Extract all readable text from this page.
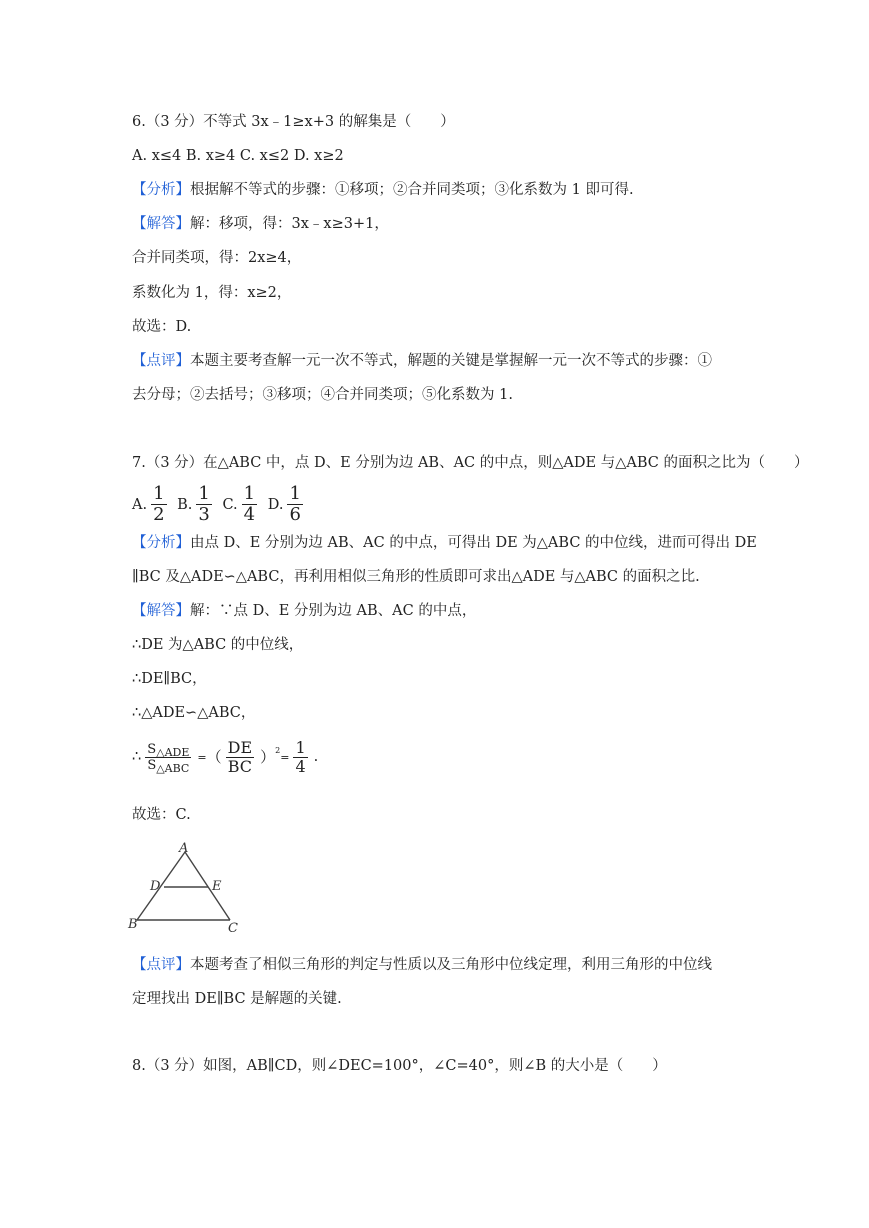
6.（3 分）不等式 3x﹣1≥x+3 的解集是（　　）
A. x≤4 B. x≥4 C. x≤2 D. x≥2
【分析】根据解不等式的步骤：①移项；②合并同类项；③化系数为 1 即可得.
【解答】解：移项，得：3x﹣x≥3+1，
合并同类项，得：2x≥4，
系数化为 1，得：x≥2，
故选：D.
【点评】本题主要考查解一元一次不等式，解题的关键是掌握解一元一次不等式的步骤：①
去分母；②去括号；③移项；④合并同类项；⑤化系数为 1.
7.（3 分）在△ABC 中，点 D、E 分别为边 AB、AC 的中点，则△ADE 与△ABC 的面积之比为（　　）
A. $\frac{1}{2} B$. $\frac{1}{3} C$. $\frac{1}{4} D$. $\frac{1}{6}$
【分析】由点 D、E 分别为边 AB、AC 的中点，可得出 DE 为△ABC 的中位线，进而可得出 DE
∥BC 及△ADE∽△ABC，再利用相似三角形的性质即可求出△ADE 与△ABC 的面积之比.
【解答】解：∵点 D、E 分别为边 AB、AC 的中点，
∴DE 为△ABC 的中位线，
∴DE∥BC，
∴△ADE∽△ABC，
∴ $\frac{S_{\triangle ADE}}{S_{\triangle ABC}}$ =（ $\frac{DE}{BC} )^2= \frac{1}{4}$ .
故选：C.
A
D	E
B	C
【点评】本题考查了相似三角形的判定与性质以及三角形中位线定理，利用三角形的中位线
定理找出 DE∥BC 是解题的关键.
8.（3 分）如图，AB∥CD，则∠DEC=100°，∠C=40°，则∠B 的大小是（　　）
